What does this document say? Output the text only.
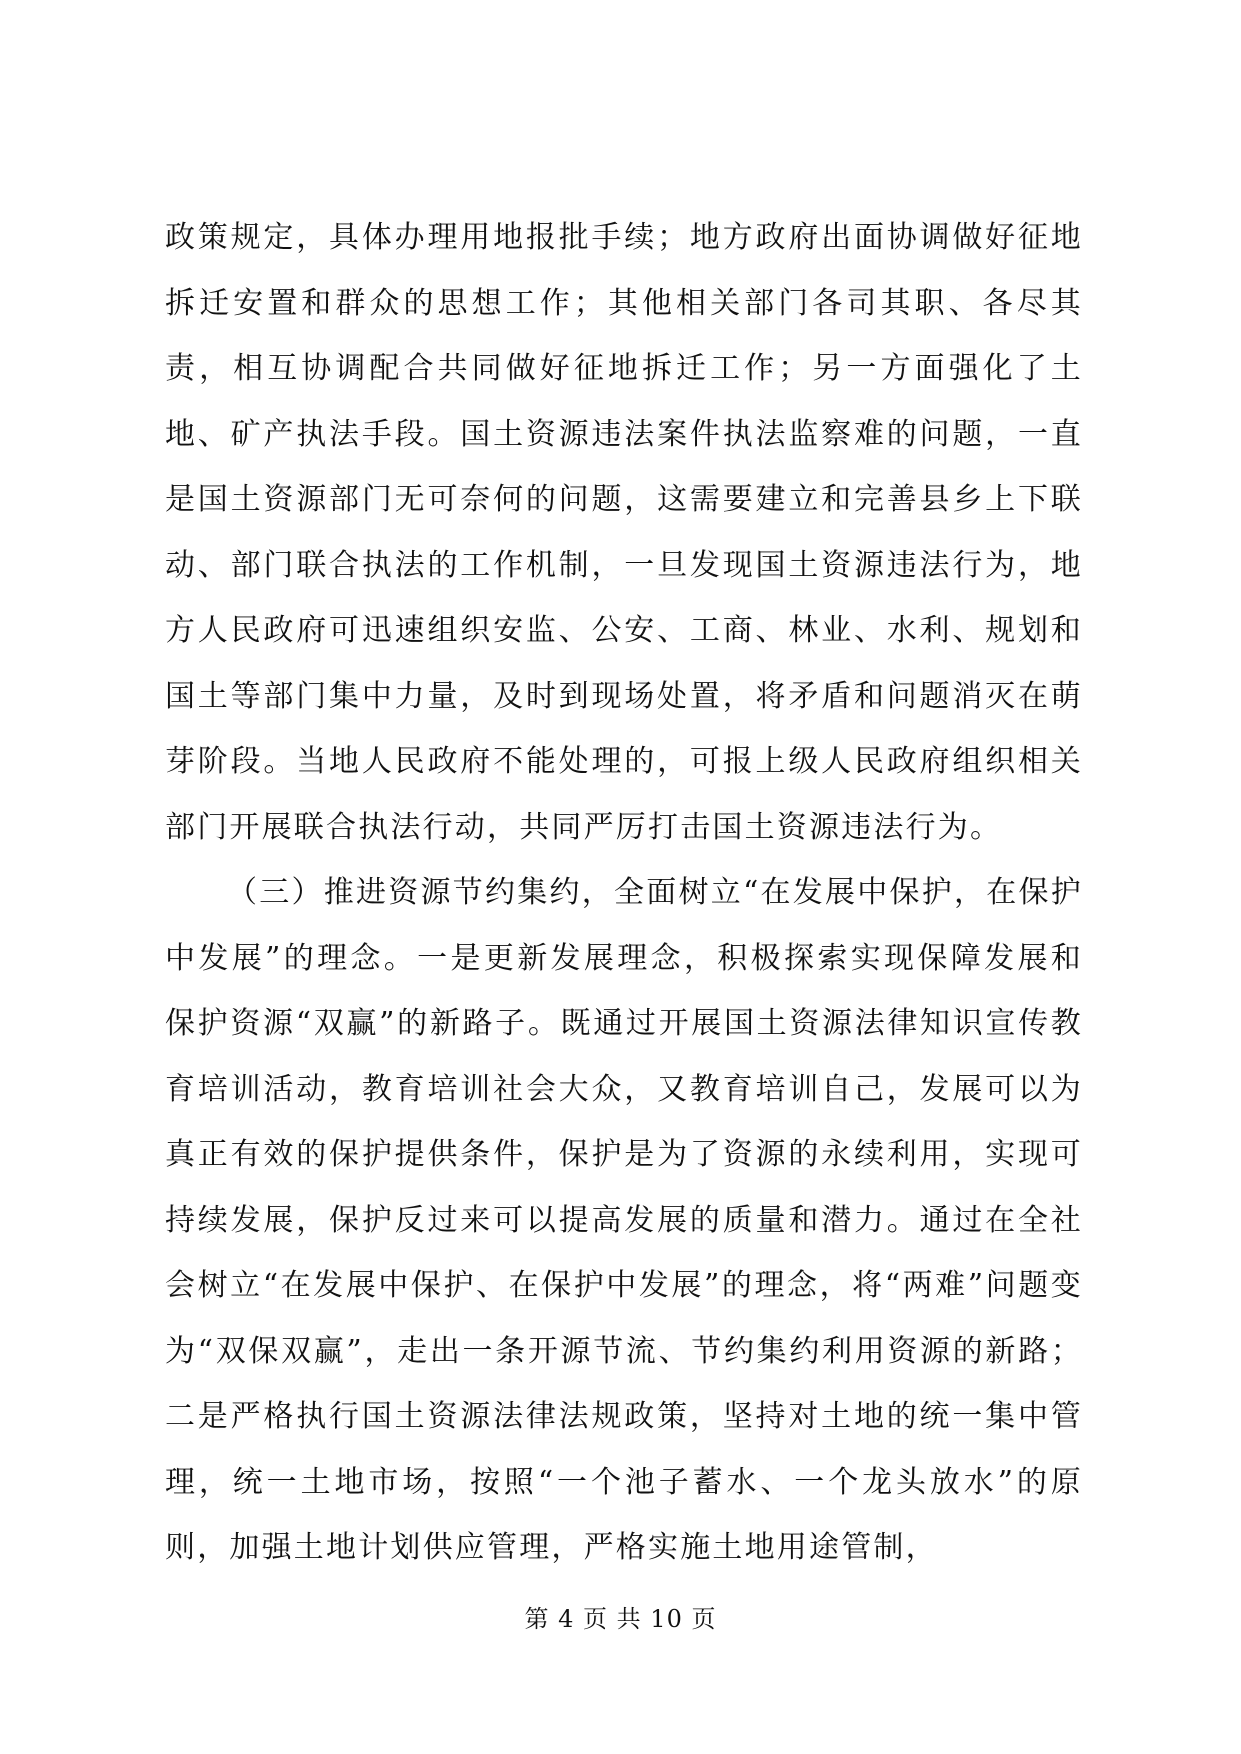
政策规定，具体办理用地报批手续；地方政府出面协调做好征地拆迁安置和群众的思想工作；其他相关部门各司其职、各尽其责，相互协调配合共同做好征地拆迁工作；另一方面强化了土地、矿产执法手段。国土资源违法案件执法监察难的问题，一直是国土资源部门无可奈何的问题，这需要建立和完善县乡上下联动、部门联合执法的工作机制，一旦发现国土资源违法行为，地方人民政府可迅速组织安监、公安、工商、林业、水利、规划和国土等部门集中力量，及时到现场处置，将矛盾和问题消灭在萌芽阶段。当地人民政府不能处理的，可报上级人民政府组织相关部门开展联合执法行动，共同严厉打击国土资源违法行为。

（三）推进资源节约集约，全面树立“在发展中保护，在保护中发展”的理念。一是更新发展理念，积极探索实现保障发展和保护资源“双赢”的新路子。既通过开展国土资源法律知识宣传教育培训活动，教育培训社会大众，又教育培训自己，发展可以为真正有效的保护提供条件，保护是为了资源的永续利用，实现可持续发展，保护反过来可以提高发展的质量和潜力。通过在全社会树立“在发展中保护、在保护中发展”的理念，将“两难”问题变为“双保双赢”，走出一条开源节流、节约集约利用资源的新路；二是严格执行国土资源法律法规政策，坚持对土地的统一集中管理，统一土地市场，按照“一个池子蓄水、一个龙头放水”的原则，加强土地计划供应管理，严格实施土地用途管制，

第 4 页 共 10 页
